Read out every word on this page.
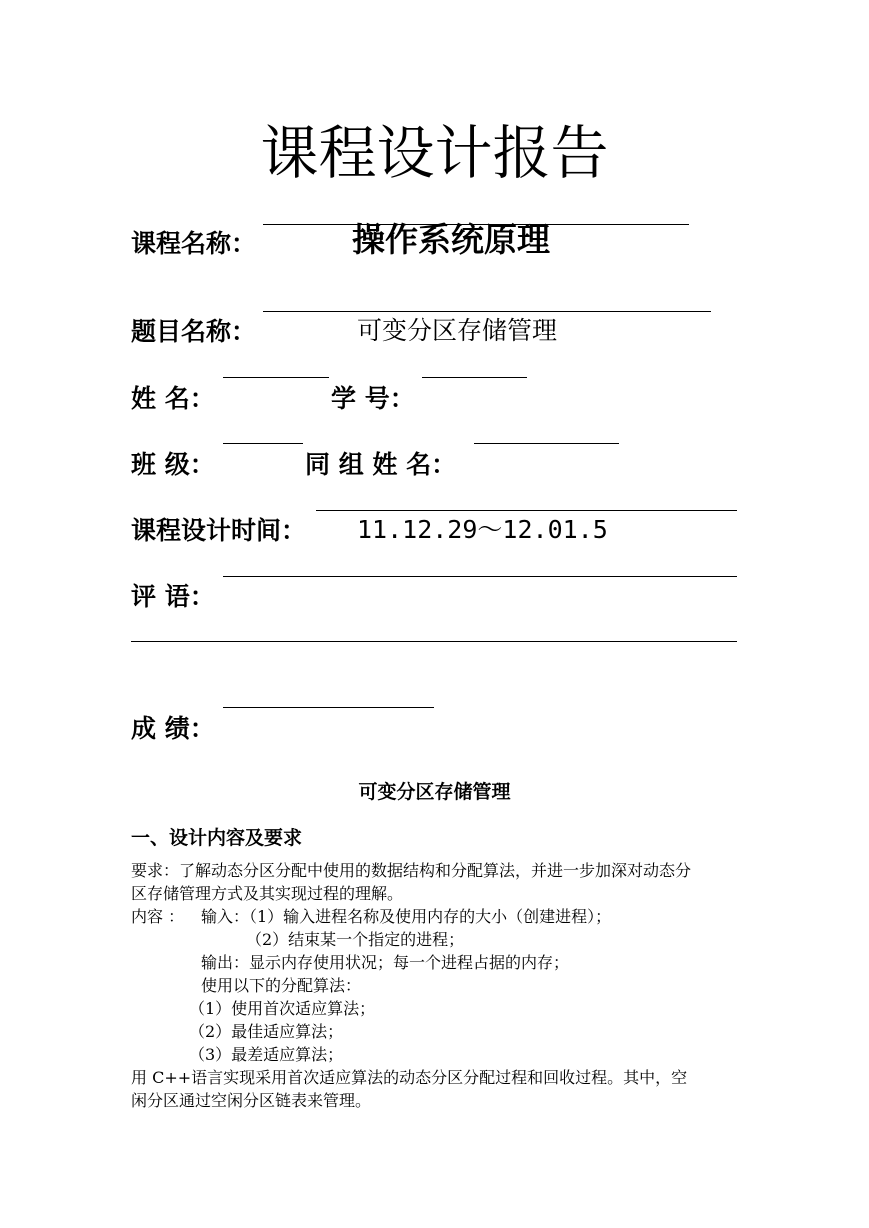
课程设计报告
课程名称：	操作系统原理
题目名称：	可变分区存储管理
姓 名：	学 号：
班 级：	同 组 姓 名：
课程设计时间： 11.12.29～12.01.5
评 语：
成 绩：
可变分区存储管理
一、设计内容及要求
要求：了解动态分区分配中使用的数据结构和分配算法，并进一步加深对动态分
区存储管理方式及其实现过程的理解。
内容 ： 输入：（1）输入进程名称及使用内存的大小（创建进程）；
（2）结束某一个指定的进程；
输出：显示内存使用状况；每一个进程占据的内存；
使用以下的分配算法：
（1）使用首次适应算法；
（2）最佳适应算法；
（3）最差适应算法；
用 C++语言实现采用首次适应算法的动态分区分配过程和回收过程。其中，空
闲分区通过空闲分区链表来管理。
